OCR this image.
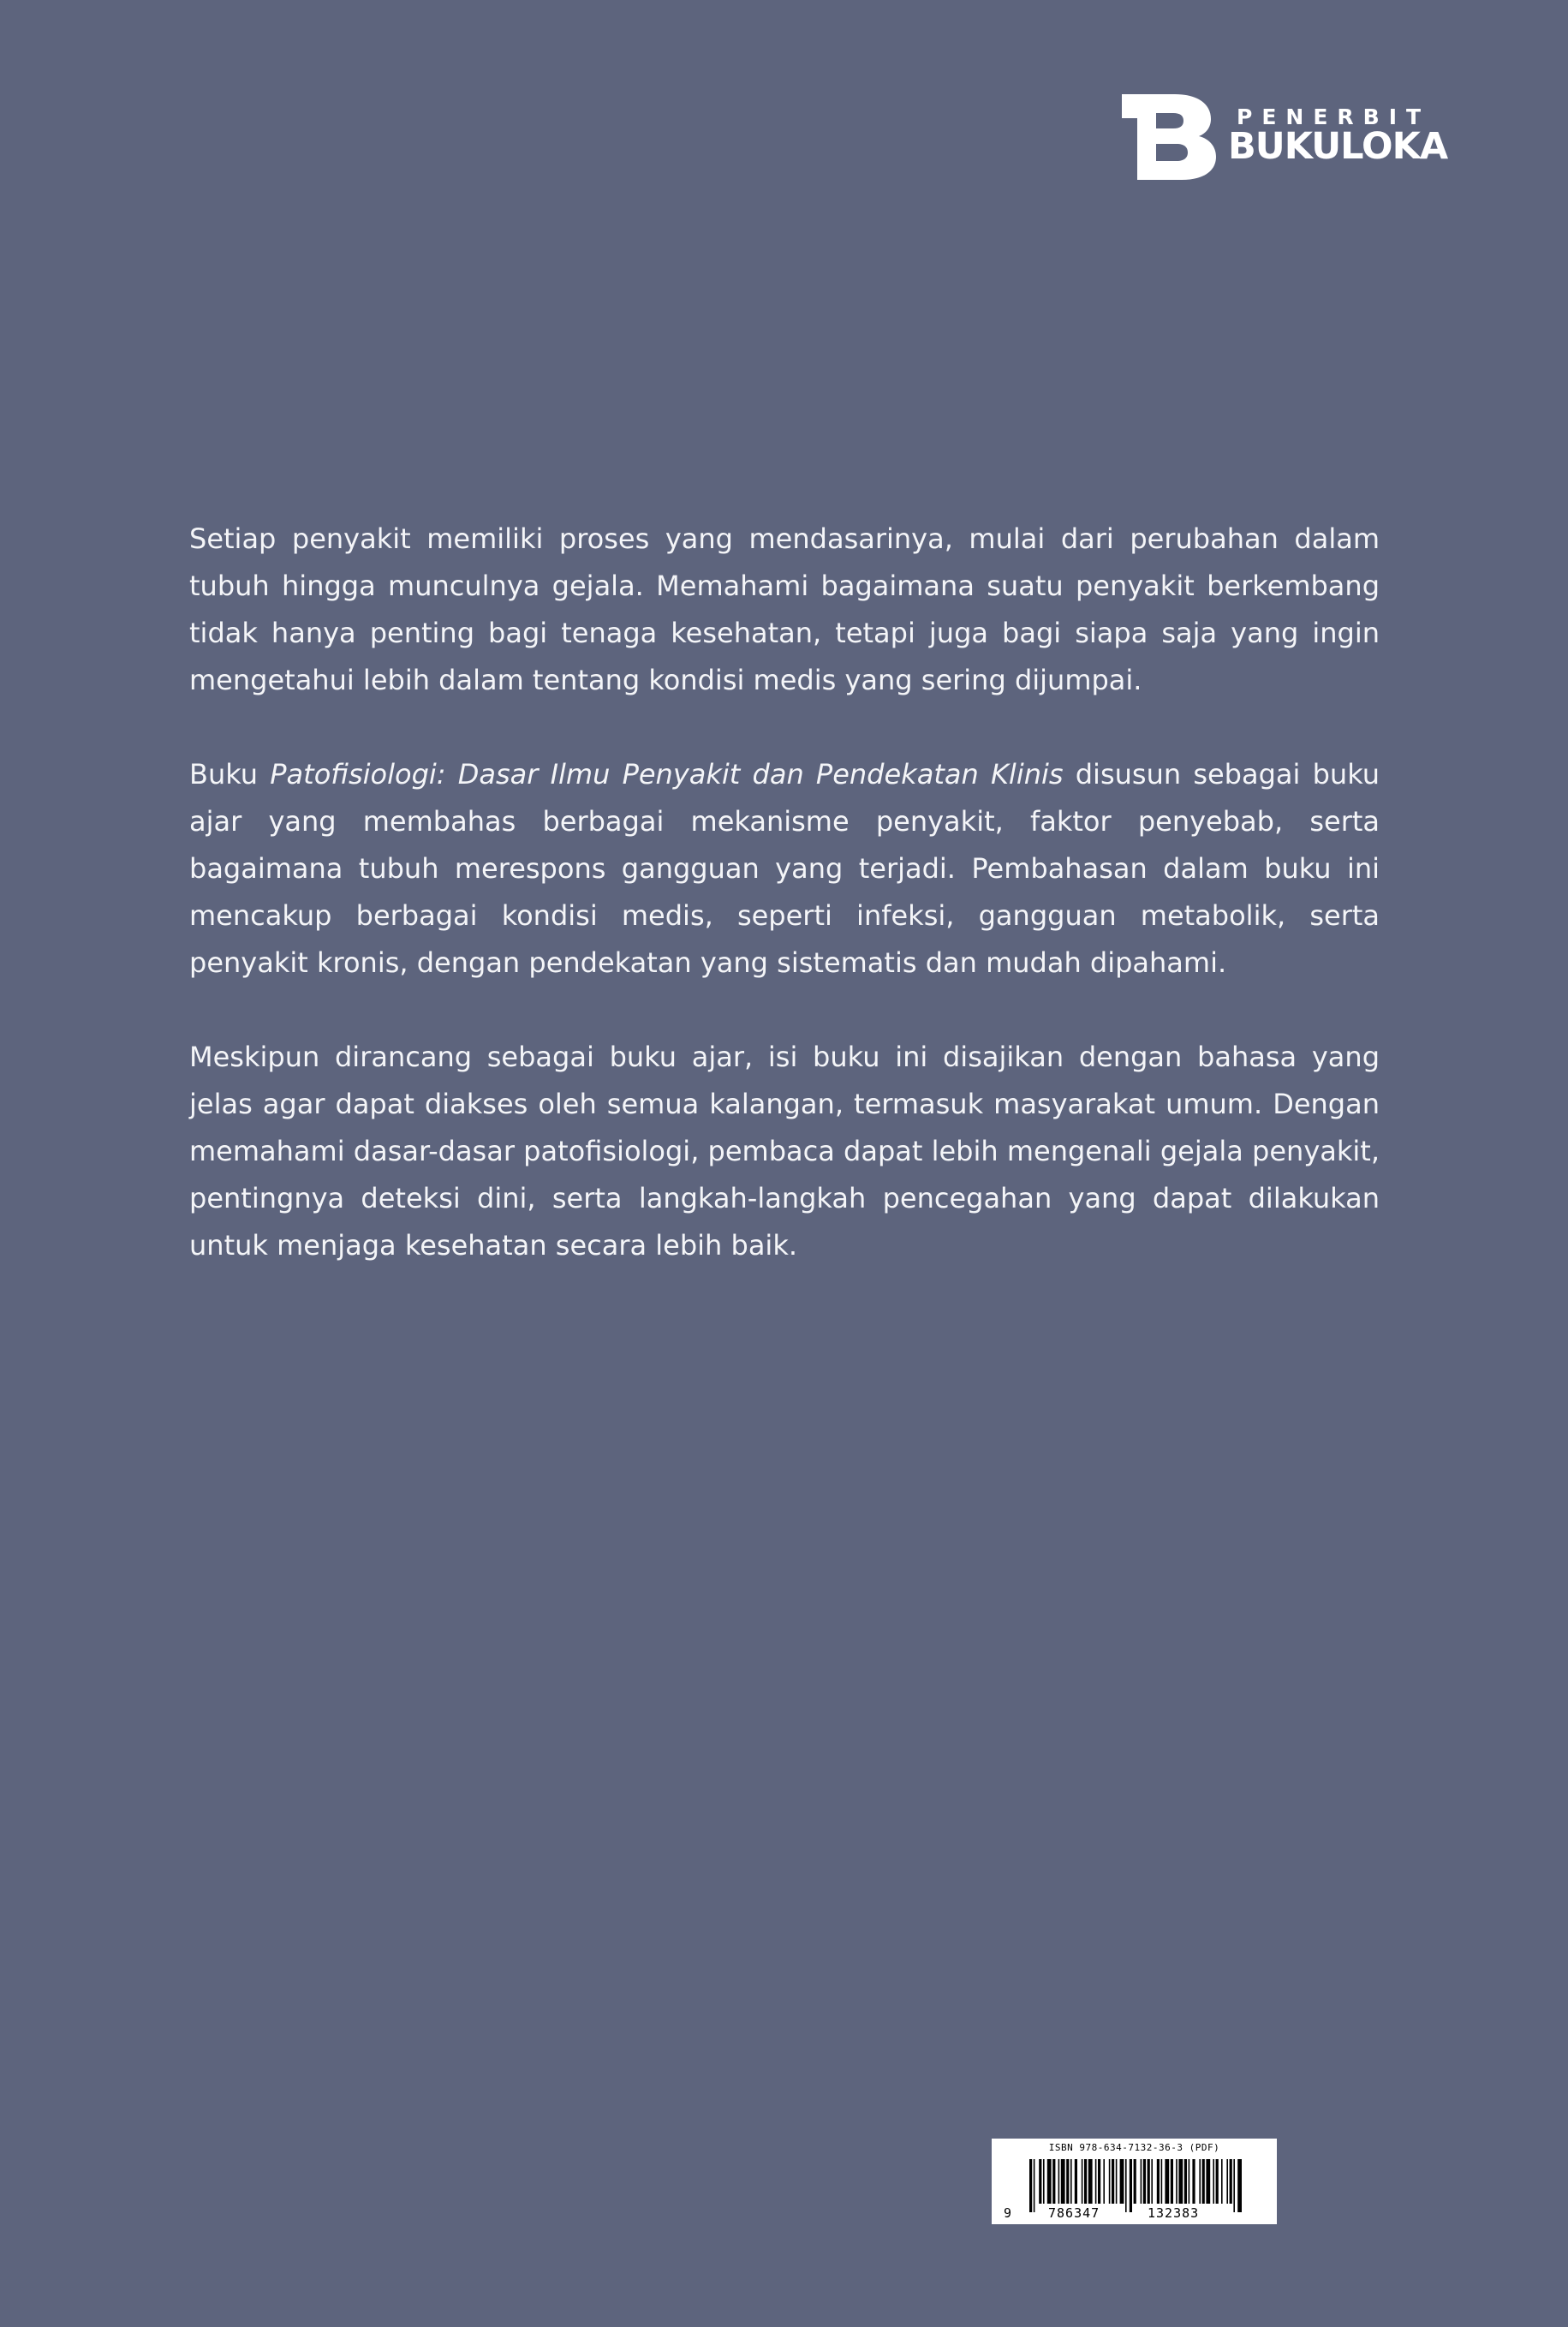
PENERBIT
BUKULOKA

Setiap penyakit memiliki proses yang mendasarinya, mulai dari perubahan dalam tubuh hingga munculnya gejala. Memahami bagaimana suatu penyakit berkembang tidak hanya penting bagi tenaga kesehatan, tetapi juga bagi siapa saja yang ingin mengetahui lebih dalam tentang kondisi medis yang sering dijumpai.

Buku Patofisiologi: Dasar Ilmu Penyakit dan Pendekatan Klinis disusun sebagai buku ajar yang membahas berbagai mekanisme penyakit, faktor penyebab, serta bagaimana tubuh merespons gangguan yang terjadi. Pembahasan dalam buku ini mencakup berbagai kondisi medis, seperti infeksi, gangguan metabolik, serta penyakit kronis, dengan pendekatan yang sistematis dan mudah dipahami.

Meskipun dirancang sebagai buku ajar, isi buku ini disajikan dengan bahasa yang jelas agar dapat diakses oleh semua kalangan, termasuk masyarakat umum. Dengan memahami dasar-dasar patofisiologi, pembaca dapat lebih mengenali gejala penyakit, pentingnya deteksi dini, serta langkah-langkah pencegahan yang dapat dilakukan untuk menjaga kesehatan secara lebih baik.

ISBN 978-634-7132-36-3 (PDF)
9	786347	132383
